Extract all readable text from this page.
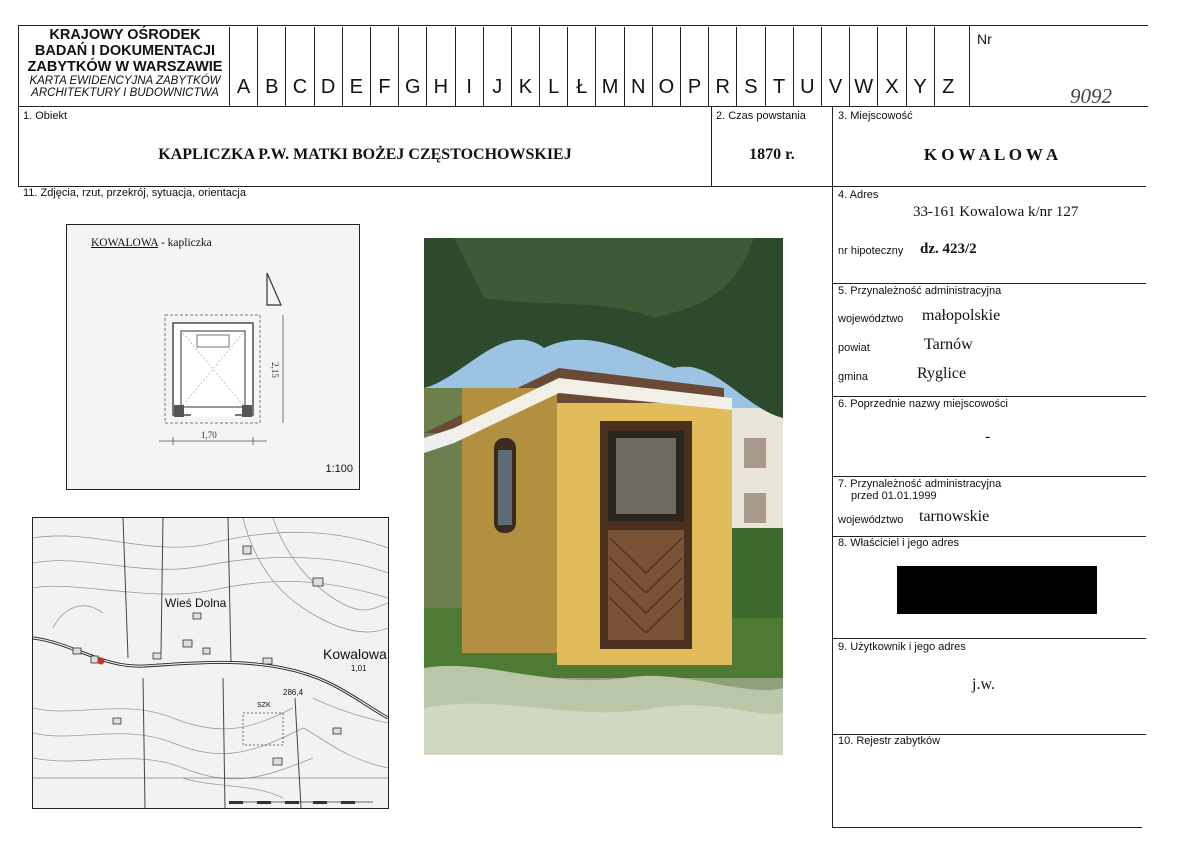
KRAJOWY OŚRODEK
BADAŃ I DOKUMENTACJI
ZABYTKÓW W WARSZAWIE
KARTA EWIDENCYJNA ZABYTKÓW
ARCHITEKTURY I BUDOWNICTWA A B C D E F G H I	J K L Ł M N O P R S T U V W X Y Z
Nr
9092
1. Obiekt
KAPLICZKA P.W. MATKI BOŻEJ CZĘSTOCHOWSKIEJ
2. Czas powstania
1870 r.
3. Miejscowość
K O W A L O W A
11. Zdjęcia, rzut, przekrój, sytuacja, orientacja	4. Adres
33-161 Kowalowa k/nr 127
nr hipoteczny dz. 423/2
5. Przynależność administracyjna
województwo małopolskie
powiat	Tarnów
gmina	Ryglice
6. Poprzednie nazwy miejscowości
-
7. Przynależność administracyjna
przed 01.01.1999
województwo tarnowskie
8. Właściciel i jego adres
9. Użytkownik i jego adres
j.w.
10. Rejestr zabytków
KOWALOWA - kapliczka
1,70
2,15
1:100
Wieś Dolna
Kowalowa
1,01
286,4
SZK
